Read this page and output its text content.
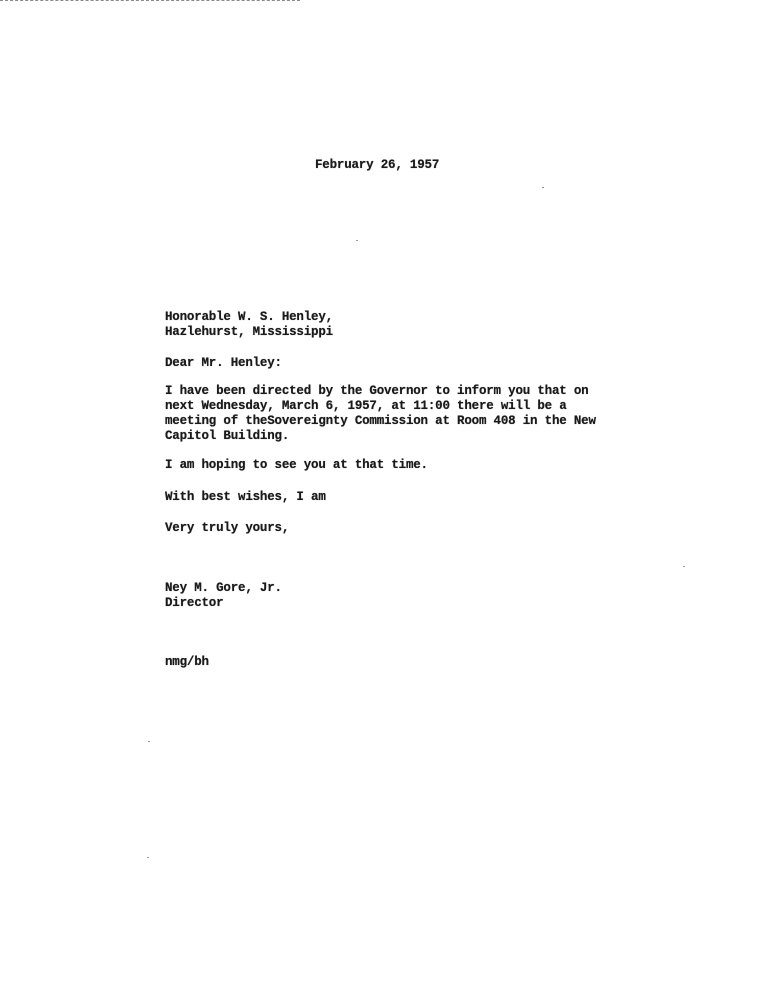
February 26, 1957
Honorable W. S. Henley,
Hazlehurst, Mississippi
Dear Mr. Henley:
I have been directed by the Governor to inform you that on
next Wednesday, March 6, 1957, at 11:00 there will be a
meeting of theSovereignty Commission at Room 408 in the New
Capitol Building.
I am hoping to see you at that time.
With best wishes, I am
Very truly yours,
Ney M. Gore, Jr.
Director
nmg/bh
